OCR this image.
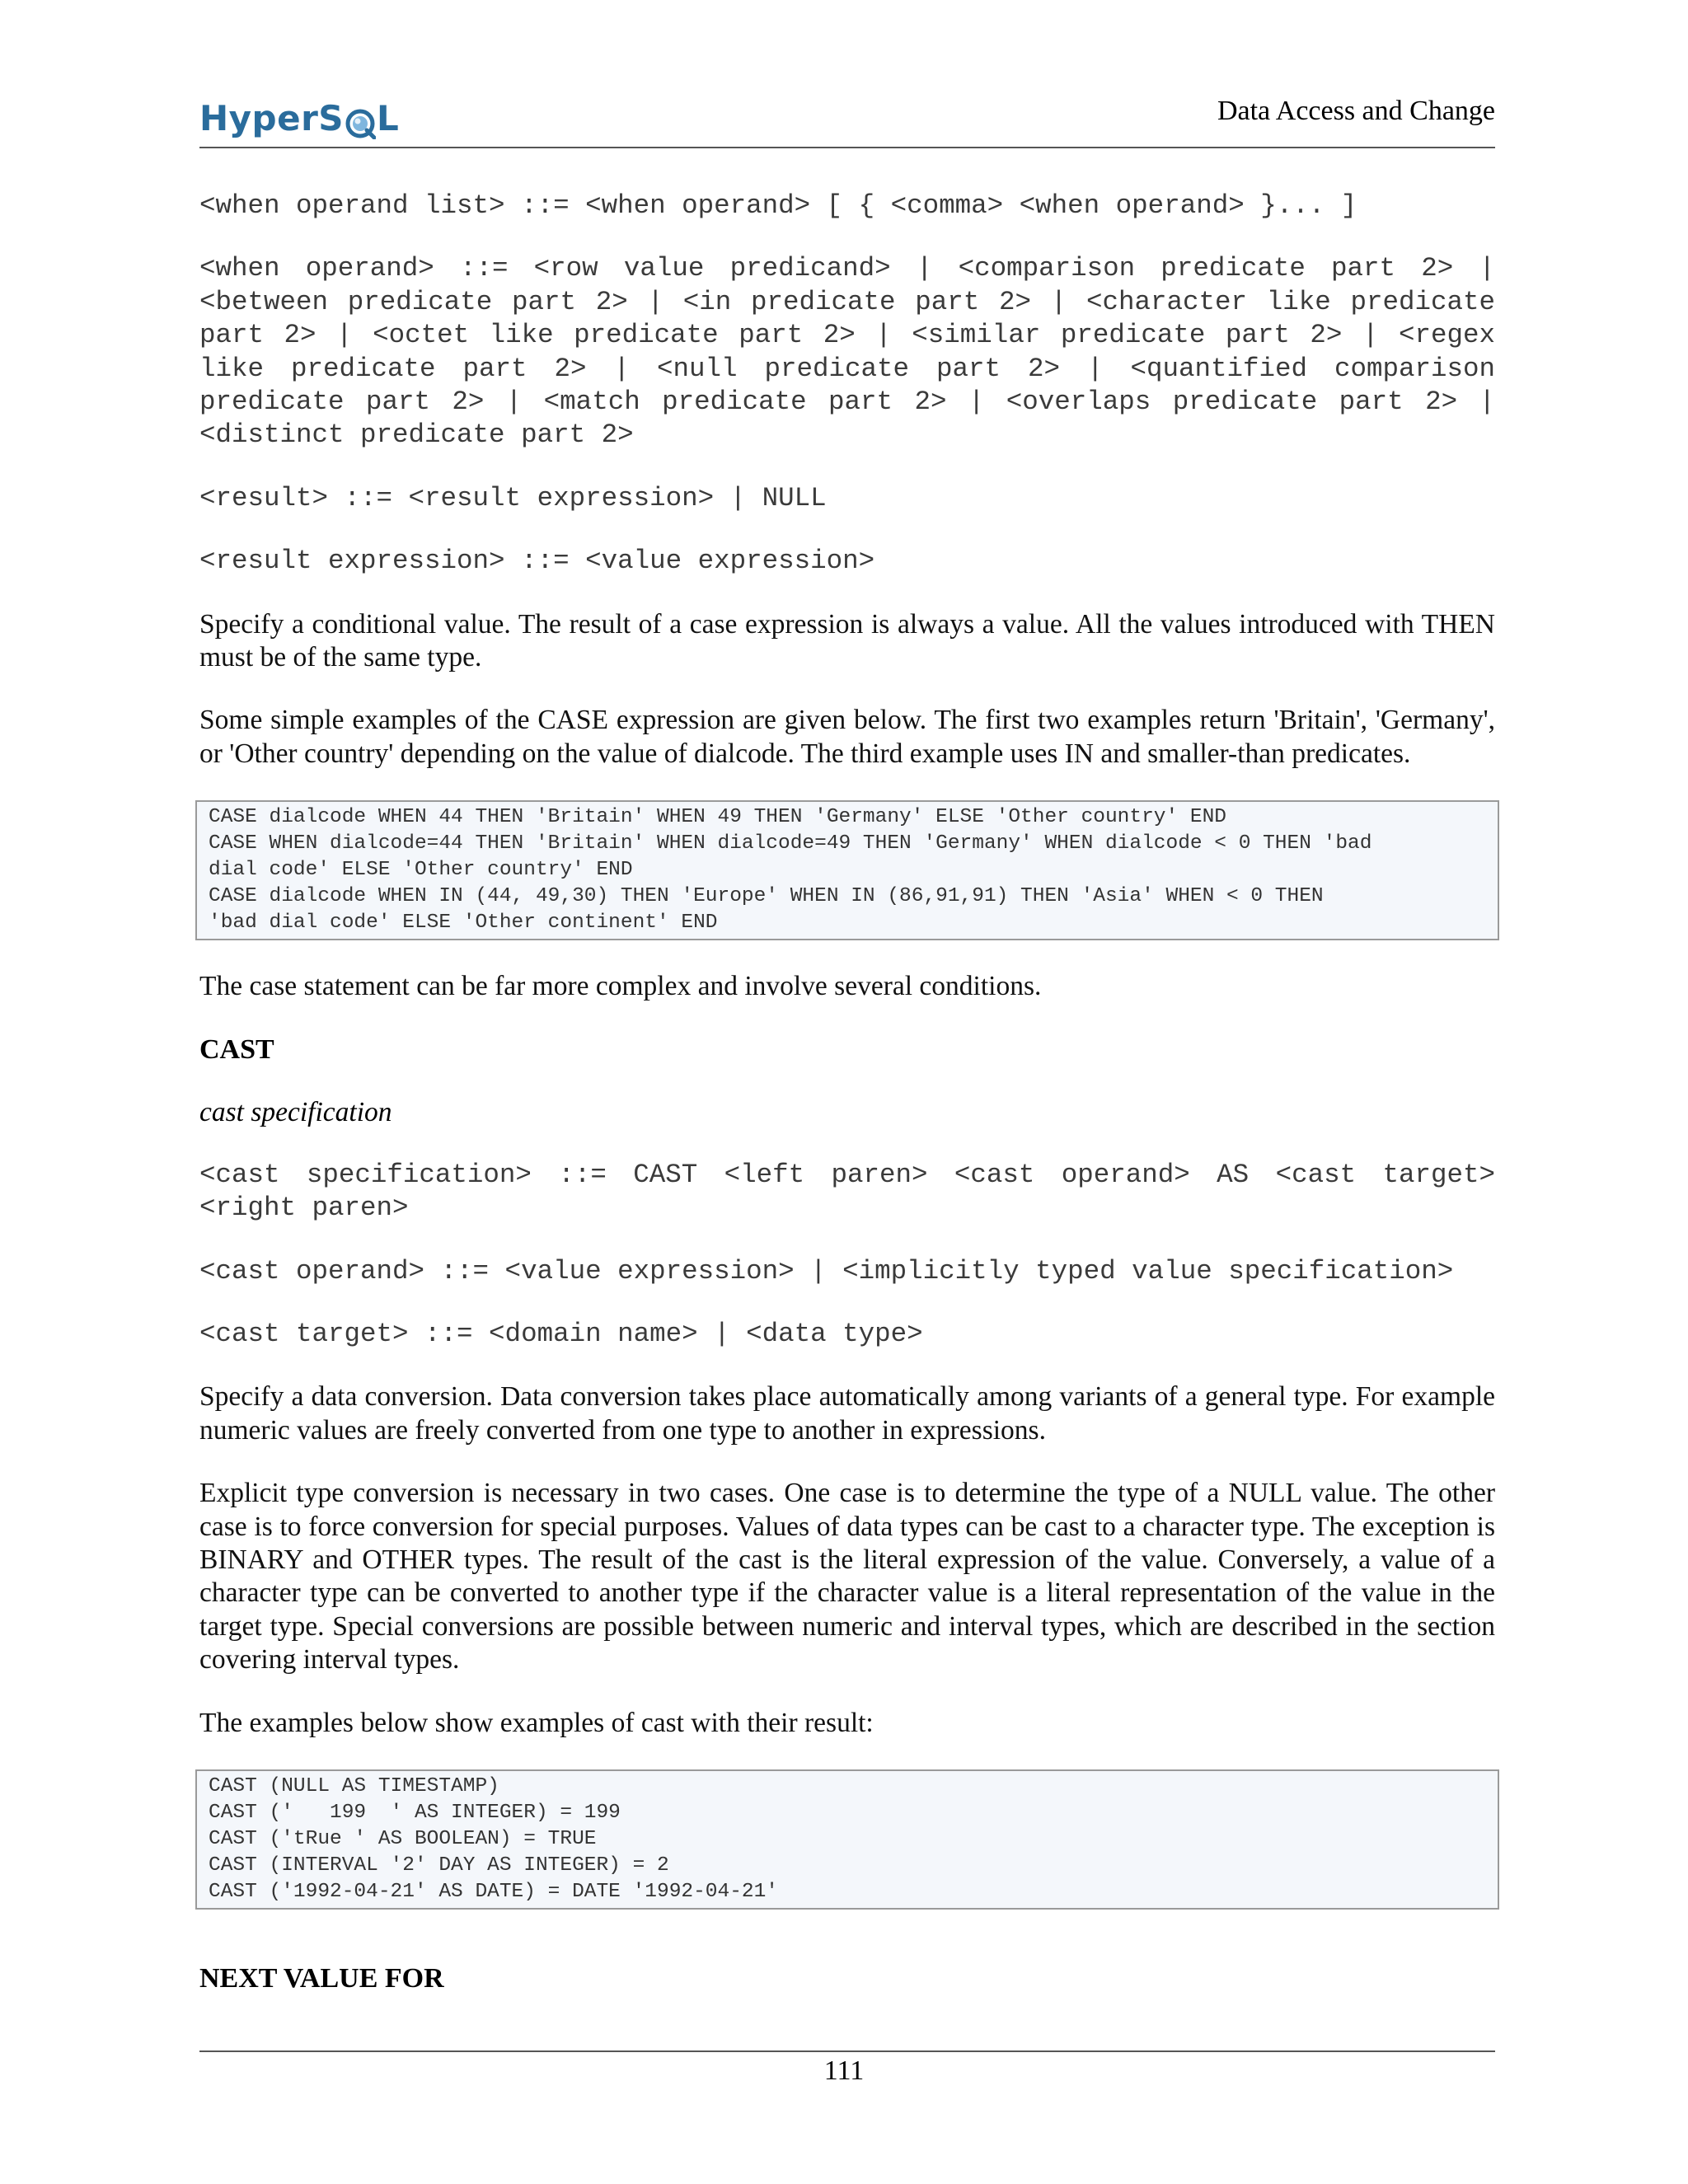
HyperS L	Data Access and Change

<when operand list> ::= <when operand> [ { <comma> <when operand> }... ]

<when operand> ::= <row value predicand> | <comparison predicate part 2> | <between predicate part 2> | <in predicate part 2> | <character like predicate part 2> | <octet like predicate part 2> | <similar predicate part 2> | <regex like predicate part 2> | <null predicate part 2> | <quantified comparison predicate part 2> | <match predicate part 2> | <overlaps predicate part 2> | <distinct predicate part 2>

<result> ::= <result expression> | NULL

<result expression> ::= <value expression>

Specify a conditional value. The result of a case expression is always a value. All the values introduced with THEN must be of the same type.

Some simple examples of the CASE expression are given below. The first two examples return 'Britain', 'Germany', or 'Other country' depending on the value of dialcode. The third example uses IN and smaller-than predicates.

CASE dialcode WHEN 44 THEN 'Britain' WHEN 49 THEN 'Germany' ELSE 'Other country' END
CASE WHEN dialcode=44 THEN 'Britain' WHEN dialcode=49 THEN 'Germany' WHEN dialcode < 0 THEN 'bad
dial code' ELSE 'Other country' END
CASE dialcode WHEN IN (44, 49,30) THEN 'Europe' WHEN IN (86,91,91) THEN 'Asia' WHEN < 0 THEN
'bad dial code' ELSE 'Other continent' END

The case statement can be far more complex and involve several conditions.

CAST

cast specification

<cast specification> ::= CAST <left paren> <cast operand> AS <cast target> <right paren>

<cast operand> ::= <value expression> | <implicitly typed value specification>

<cast target> ::= <domain name> | <data type>

Specify a data conversion. Data conversion takes place automatically among variants of a general type. For example numeric values are freely converted from one type to another in expressions.

Explicit type conversion is necessary in two cases. One case is to determine the type of a NULL value. The other case is to force conversion for special purposes. Values of data types can be cast to a character type. The exception is BINARY and OTHER types. The result of the cast is the literal expression of the value. Conversely, a value of a character type can be converted to another type if the character value is a literal representation of the value in the target type. Special conversions are possible between numeric and interval types, which are described in the section covering interval types.

The examples below show examples of cast with their result:

CAST (NULL AS TIMESTAMP)
CAST ('   199  ' AS INTEGER) = 199
CAST ('tRue ' AS BOOLEAN) = TRUE
CAST (INTERVAL '2' DAY AS INTEGER) = 2
CAST ('1992-04-21' AS DATE) = DATE '1992-04-21'

NEXT VALUE FOR

111
